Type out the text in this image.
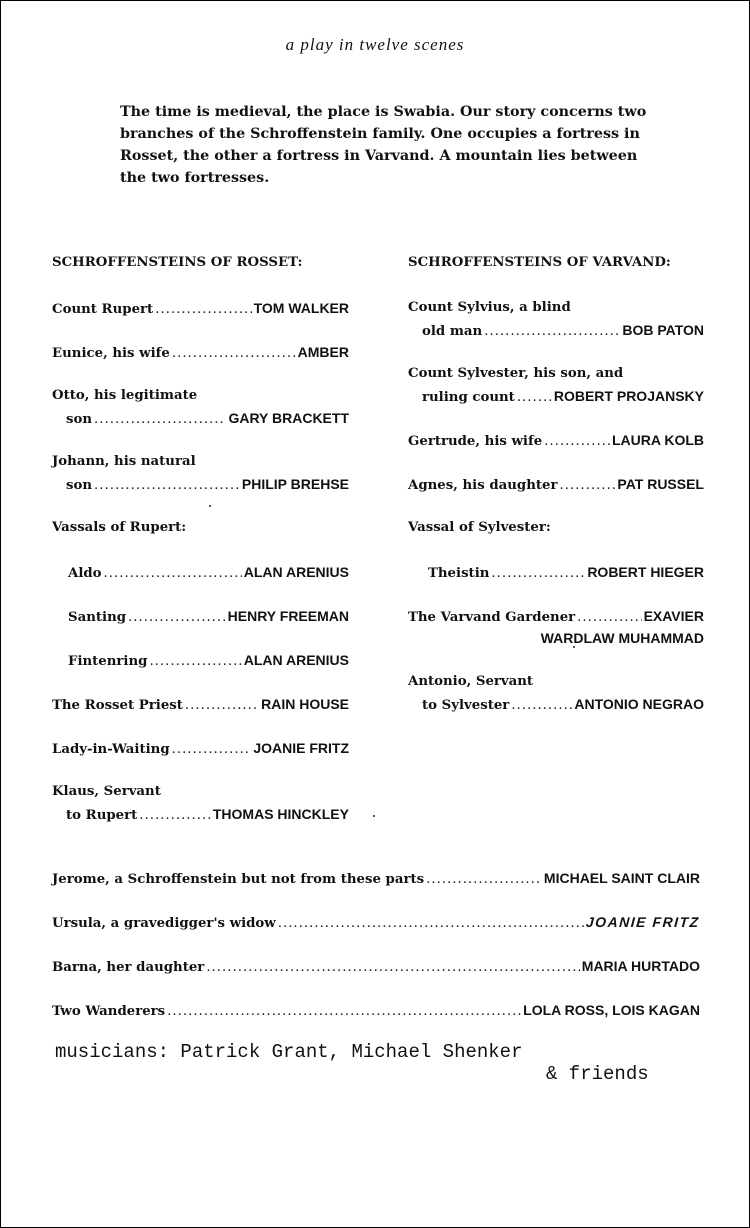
a play in twelve scenes
The time is medieval, the place is Swabia. Our story concerns two branches of the Schroffenstein family. One occupies a fortress in Rosset, the other a fortress in Varvand. A mountain lies between the two fortresses.
SCHROFFENSTEINS OF ROSSET:
Count Rupert .....	TOM WALKER
Eunice, his wife .....	AMBER
Otto, his legitimate
son .....	GARY BRACKETT
Johann, his natural
son .....	PHILIP BREHSE
Vassals of Rupert:
Aldo .....	ALAN ARENIUS
Santing .....	HENRY FREEMAN
Fintenring .....	ALAN ARENIUS
The Rosset Priest .....	RAIN HOUSE
Lady-in-Waiting .....	JOANIE FRITZ
Klaus, Servant
to Rupert .....	THOMAS HINCKLEY
SCHROFFENSTEINS OF VARVAND:
Count Sylvius, a blind
old man .....	BOB PATON
Count Sylvester, his son, and
ruling count .....	ROBERT PROJANSKY
Gertrude, his wife .....	LAURA KOLB
Agnes, his daughter .....	PAT RUSSEL
Vassal of Sylvester:
Theistin .....	ROBERT HIEGER
The Varvand Gardener .....	EXAVIER
WARDLAW MUHAMMAD
Antonio, Servant
to Sylvester .....	ANTONIO NEGRAO
Jerome, a Schroffenstein but not from these parts .....	MICHAEL SAINT CLAIR
Ursula, a gravedigger's widow .....	JOANIE FRITZ
Barna, her daughter .....	MARIA HURTADO
Two Wanderers .....	LOLA ROSS, LOIS KAGAN
musicians: Patrick Grant, Michael Shenker
& friends
